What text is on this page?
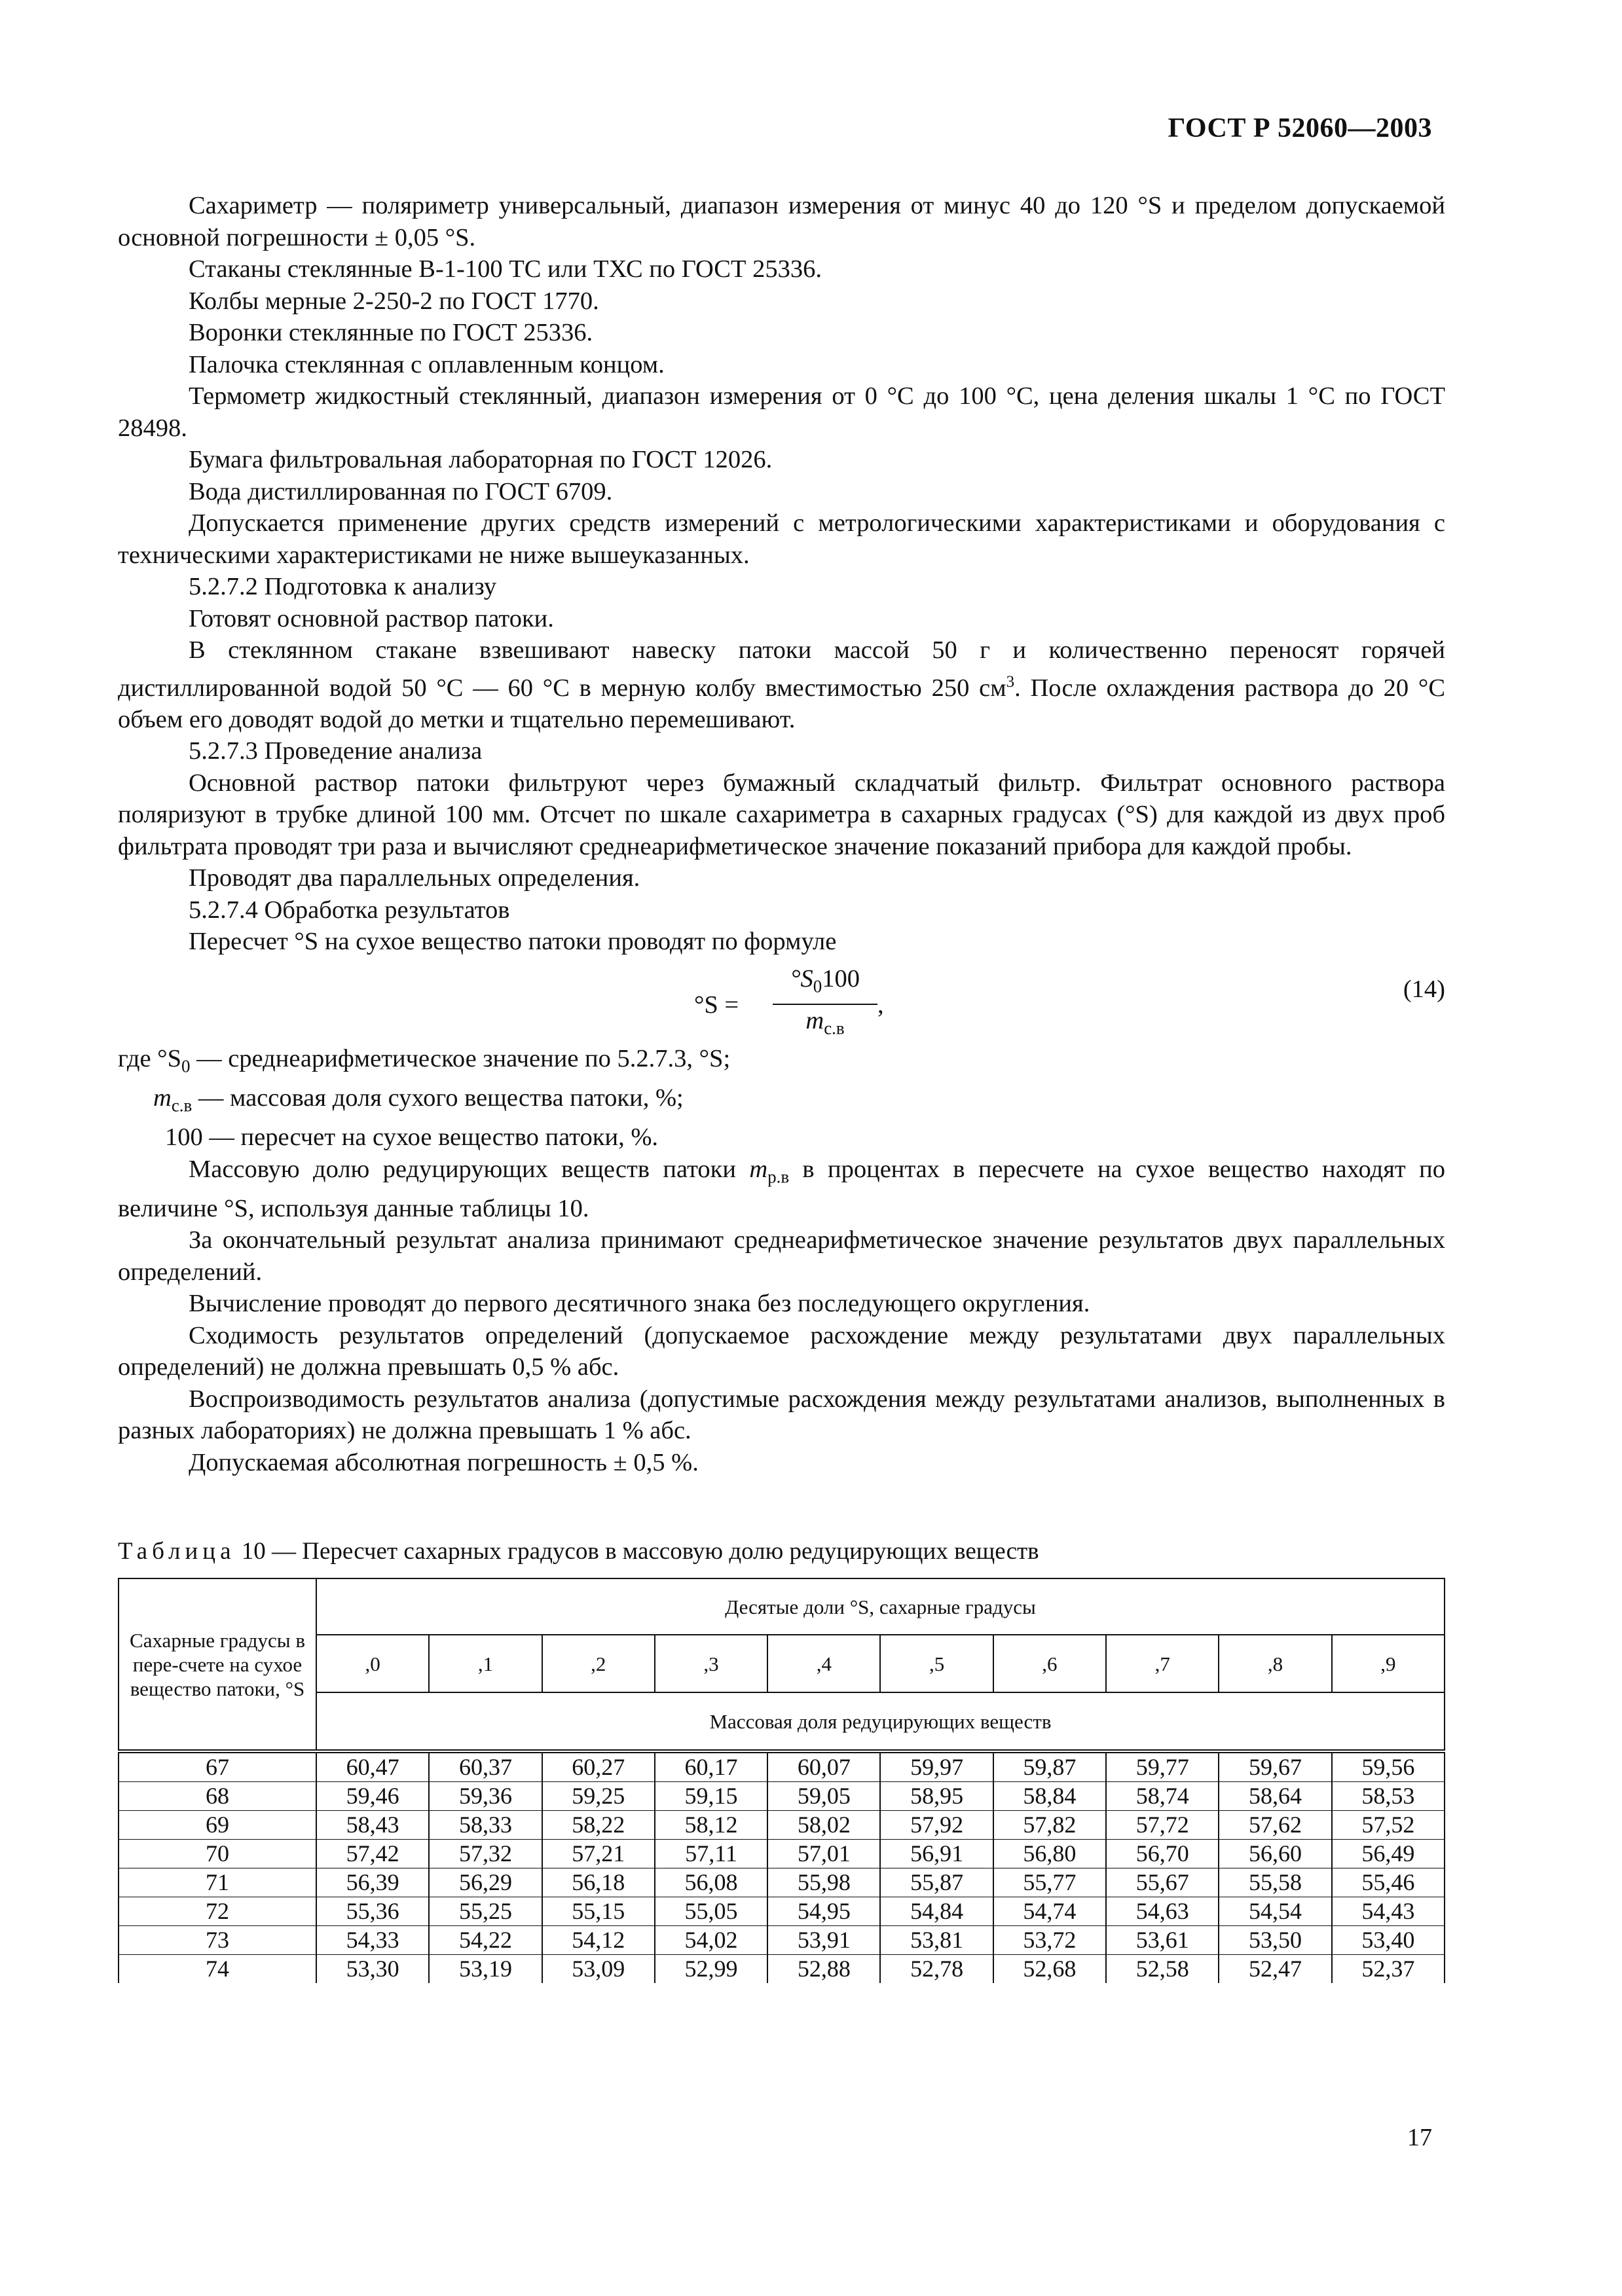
ГОСТ Р 52060—2003

Сахариметр — поляриметр универсальный, диапазон измерения от минус 40 до 120 °S и пределом допускаемой основной погрешности ± 0,05 °S.

Стаканы стеклянные В-1-100 ТС или ТХС по ГОСТ 25336.

Колбы мерные 2-250-2 по ГОСТ 1770.

Воронки стеклянные по ГОСТ 25336.

Палочка стеклянная с оплавленным концом.

Термометр жидкостный стеклянный, диапазон измерения от 0 °С до 100 °С, цена деления шкалы 1 °С по ГОСТ 28498.

Бумага фильтровальная лабораторная по ГОСТ 12026.

Вода дистиллированная по ГОСТ 6709.

Допускается применение других средств измерений с метрологическими характеристиками и оборудования с техническими характеристиками не ниже вышеуказанных.

5.2.7.2 Подготовка к анализу

Готовят основной раствор патоки.

В стеклянном стакане взвешивают навеску патоки массой 50 г и количественно переносят горячей дистиллированной водой 50 °С — 60 °С в мерную колбу вместимостью 250 $см^3$. После охлаждения раствора до 20 °С объем его доводят водой до метки и тщательно перемешивают.

5.2.7.3 Проведение анализа

Основной раствор патоки фильтруют через бумажный складчатый фильтр. Фильтрат основного раствора поляризуют в трубке длиной 100 мм. Отсчет по шкале сахариметра в сахарных градусах (°S) для каждой из двух проб фильтрата проводят три раза и вычисляют среднеарифметическое значение показаний прибора для каждой пробы.

Проводят два параллельных определения.

5.2.7.4 Обработка результатов

Пересчет °S на сухое вещество патоки проводят по формуле

°S =
$^\circ S_0100$
$m_{с.в}$
,
(14)

где $^\circ S_0$ — среднеарифметическое значение по 5.2.7.3, °S;

$m_{с.в}$ — массовая доля сухого вещества патоки, %;

100 — пересчет на сухое вещество патоки, %.

Массовую долю редуцирующих веществ патоки $m_{р.в}$ в процентах в пересчете на сухое вещество находят по величине °S, используя данные таблицы 10.

За окончательный результат анализа принимают среднеарифметическое значение результатов двух параллельных определений.

Вычисление проводят до первого десятичного знака без последующего округления.

Сходимость результатов определений (допускаемое расхождение между результатами двух параллельных определений) не должна превышать 0,5 % абс.

Воспроизводимость результатов анализа (допустимые расхождения между результатами анализов, выполненных в разных лабораториях) не должна превышать 1 % абс.

Допускаемая абсолютная погрешность ± 0,5 %.

Таблица 10 — Пересчет сахарных градусов в массовую долю редуцирующих веществ
Сахарные градусы в пере-счете на сухое вещество патоки, °S	Десятые доли °S, сахарные градусы									
	,0	,1	,2	,3	,4	,5	,6	,7	,8	,9
	Массовая доля редуцирующих веществ									
67	60,47	60,37	60,27	60,17	60,07	59,97	59,87	59,77	59,67	59,56
68	59,46	59,36	59,25	59,15	59,05	58,95	58,84	58,74	58,64	58,53
69	58,43	58,33	58,22	58,12	58,02	57,92	57,82	57,72	57,62	57,52
70	57,42	57,32	57,21	57,11	57,01	56,91	56,80	56,70	56,60	56,49
71	56,39	56,29	56,18	56,08	55,98	55,87	55,77	55,67	55,58	55,46
72	55,36	55,25	55,15	55,05	54,95	54,84	54,74	54,63	54,54	54,43
73	54,33	54,22	54,12	54,02	53,91	53,81	53,72	53,61	53,50	53,40
74	53,30	53,19	53,09	52,99	52,88	52,78	52,68	52,58	52,47	52,37
17
